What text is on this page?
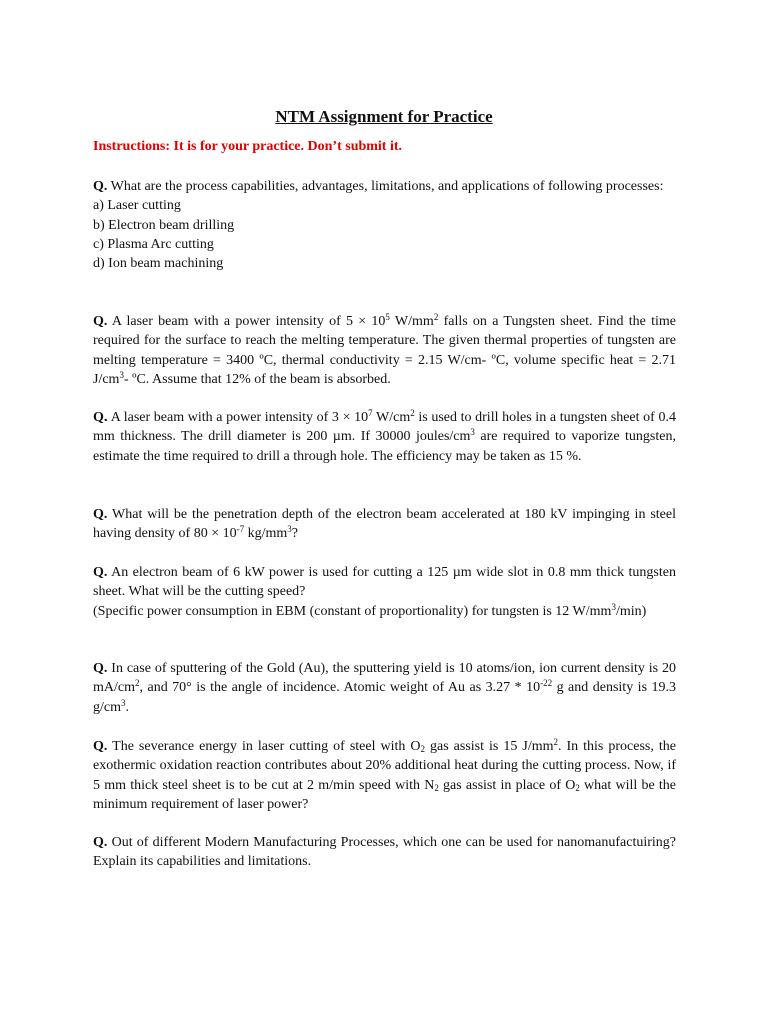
NTM Assignment for Practice
Instructions: It is for your practice. Don’t submit it.
Q. What are the process capabilities, advantages, limitations, and applications of following processes:
a) Laser cutting
b) Electron beam drilling
c) Plasma Arc cutting
d) Ion beam machining
Q. A laser beam with a power intensity of $5 \times 10^5$ $W/mm^2$ falls on a Tungsten sheet. Find the time required for the surface to reach the melting temperature. The given thermal properties of tungsten are melting temperature = 3400 ºC, thermal conductivity = 2.15 W/cm- ºC, volume specific heat = 2.71 $J/cm^3-$ ºC. Assume that 12% of the beam is absorbed.
Q.. A laser beam with a power intensity of $3 \times 10^7$ $W/cm^2$ is used to drill holes in a tungsten sheet of 0.4 mm thickness. The drill diameter is 200 µm. If 30000 joules/$cm^3$ are required to vaporize tungsten, estimate the time required to drill a through hole. The efficiency may be taken as 15 %.
Q. What will be the penetration depth of the electron beam accelerated at 180 kV impinging in steel having density of $80 \times 10^{-7}$ $kg/mm^3$?
Q. An electron beam of 6 kW power is used for cutting a 125 µm wide slot in 0.8 mm thick tungsten sheet. What will be the cutting speed?
(Specific power consumption in EBM (constant of proportionality) for tungsten is 12 $W/mm^3/\min$)
Q. In case of sputtering of the Gold (Au), the sputtering yield is 10 atoms/ion, ion current density is 20 $mA/cm^2$, and 70° is the angle of incidence. Atomic weight of Au as $3.27 * 10^{-22}$ g and density is 19.3 $g/cm^3$.
Q. The severance energy in laser cutting of steel with $O_2$ gas assist is 15 $J/mm^2$. In this process, the exothermic oxidation reaction contributes about 20% additional heat during the cutting process. Now, if 5 mm thick steel sheet is to be cut at 2 m/min speed with $N_2$ gas assist in place of $O_2$ what will be the minimum requirement of laser power?
Q. Out of different Modern Manufacturing Processes, which one can be used for nanomanufactuiring? Explain its capabilities and limitations.
